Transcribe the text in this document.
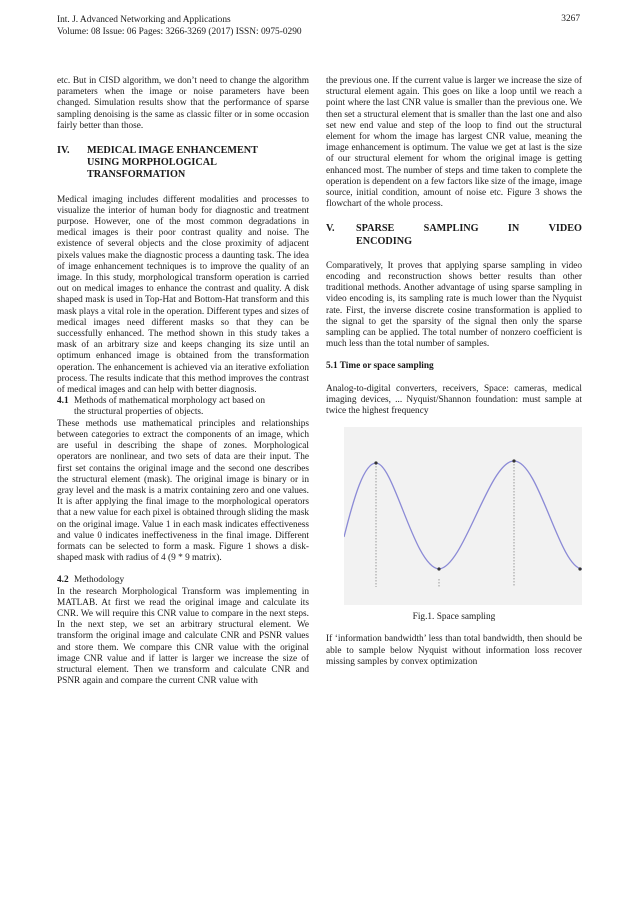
Int. J. Advanced Networking and Applications
Volume: 08 Issue: 06 Pages: 3266-3269 (2017) ISSN: 0975-0290
3267

etc. But in CISD algorithm, we don’t need to change the algorithm parameters when the image or noise parameters have been changed. Simulation results show that the performance of sparse sampling denoising is the same as classic filter or in some occasion fairly better than those.

IV.	MEDICAL IMAGE ENHANCEMENT
USING MORPHOLOGICAL
TRANSFORMATION

Medical imaging includes different modalities and processes to visualize the interior of human body for diagnostic and treatment purpose. However, one of the most common degradations in medical images is their poor contrast quality and noise. The existence of several objects and the close proximity of adjacent pixels values make the diagnostic process a daunting task. The idea of image enhancement techniques is to improve the quality of an image. In this study, morphological transform operation is carried out on medical images to enhance the contrast and quality. A disk shaped mask is used in Top-Hat and Bottom-Hat transform and this mask plays a vital role in the operation. Different types and sizes of medical images need different masks so that they can be successfully enhanced. The method shown in this study takes a mask of an arbitrary size and keeps changing its size until an optimum enhanced image is obtained from the transformation operation. The enhancement is achieved via an iterative exfoliation process. The results indicate that this method improves the contrast of medical images and can help with better diagnosis.

4.1 Methods of mathematical morphology act based on

the structural properties of objects.

These methods use mathematical principles and relationships between categories to extract the components of an image, which are useful in describing the shape of zones. Morphological operators are nonlinear, and two sets of data are their input. The first set contains the original image and the second one describes the structural element (mask). The original image is binary or in gray level and the mask is a matrix containing zero and one values. It is after applying the final image to the morphological operators that a new value for each pixel is obtained through sliding the mask on the original image. Value 1 in each mask indicates effectiveness and value 0 indicates ineffectiveness in the final image. Different formats can be selected to form a mask. Figure 1 shows a disk-shaped mask with radius of 4 (9 * 9 matrix).

4.2 Methodology

In the research Morphological Transform was implementing in MATLAB. At first we read the original image and calculate its CNR. We will require this CNR value to compare in the next steps. In the next step, we set an arbitrary structural element. We transform the original image and calculate CNR and PSNR values and store them. We compare this CNR value with the original image CNR value and if latter is larger we increase the size of structural element. Then we transform and calculate CNR and PSNR again and compare the current CNR value with

the previous one. If the current value is larger we increase the size of structural element again. This goes on like a loop until we reach a point where the last CNR value is smaller than the previous one. We then set a structural element that is smaller than the last one and also set new end value and step of the loop to find out the structural element for whom the image has largest CNR value, meaning the image enhancement is optimum. The value we get at last is the size of our structural element for whom the original image is getting enhanced most. The number of steps and time taken to complete the operation is dependent on a few factors like size of the image, image source, initial condition, amount of noise etc. Figure 3 shows the flowchart of the whole process.

V.	SPARSE	SAMPLING	IN	VIDEO
ENCODING

Comparatively, It proves that applying sparse sampling in video encoding and reconstruction shows better results than other traditional methods. Another advantage of using sparse sampling in video encoding is, its sampling rate is much lower than the Nyquist rate. First, the inverse discrete cosine transformation is applied to the signal to get the sparsity of the signal then only the sparse sampling can be applied. The total number of nonzero coefficient is much less than the total number of samples.

5.1 Time or space sampling

Analog-to-digital converters, receivers, Space: cameras, medical imaging devices, ... Nyquist/Shannon foundation: must sample at twice the highest frequency

Fig.1. Space sampling

If ‘information bandwidth’ less than total bandwidth, then should be able to sample below Nyquist without information loss recover missing samples by convex optimization
